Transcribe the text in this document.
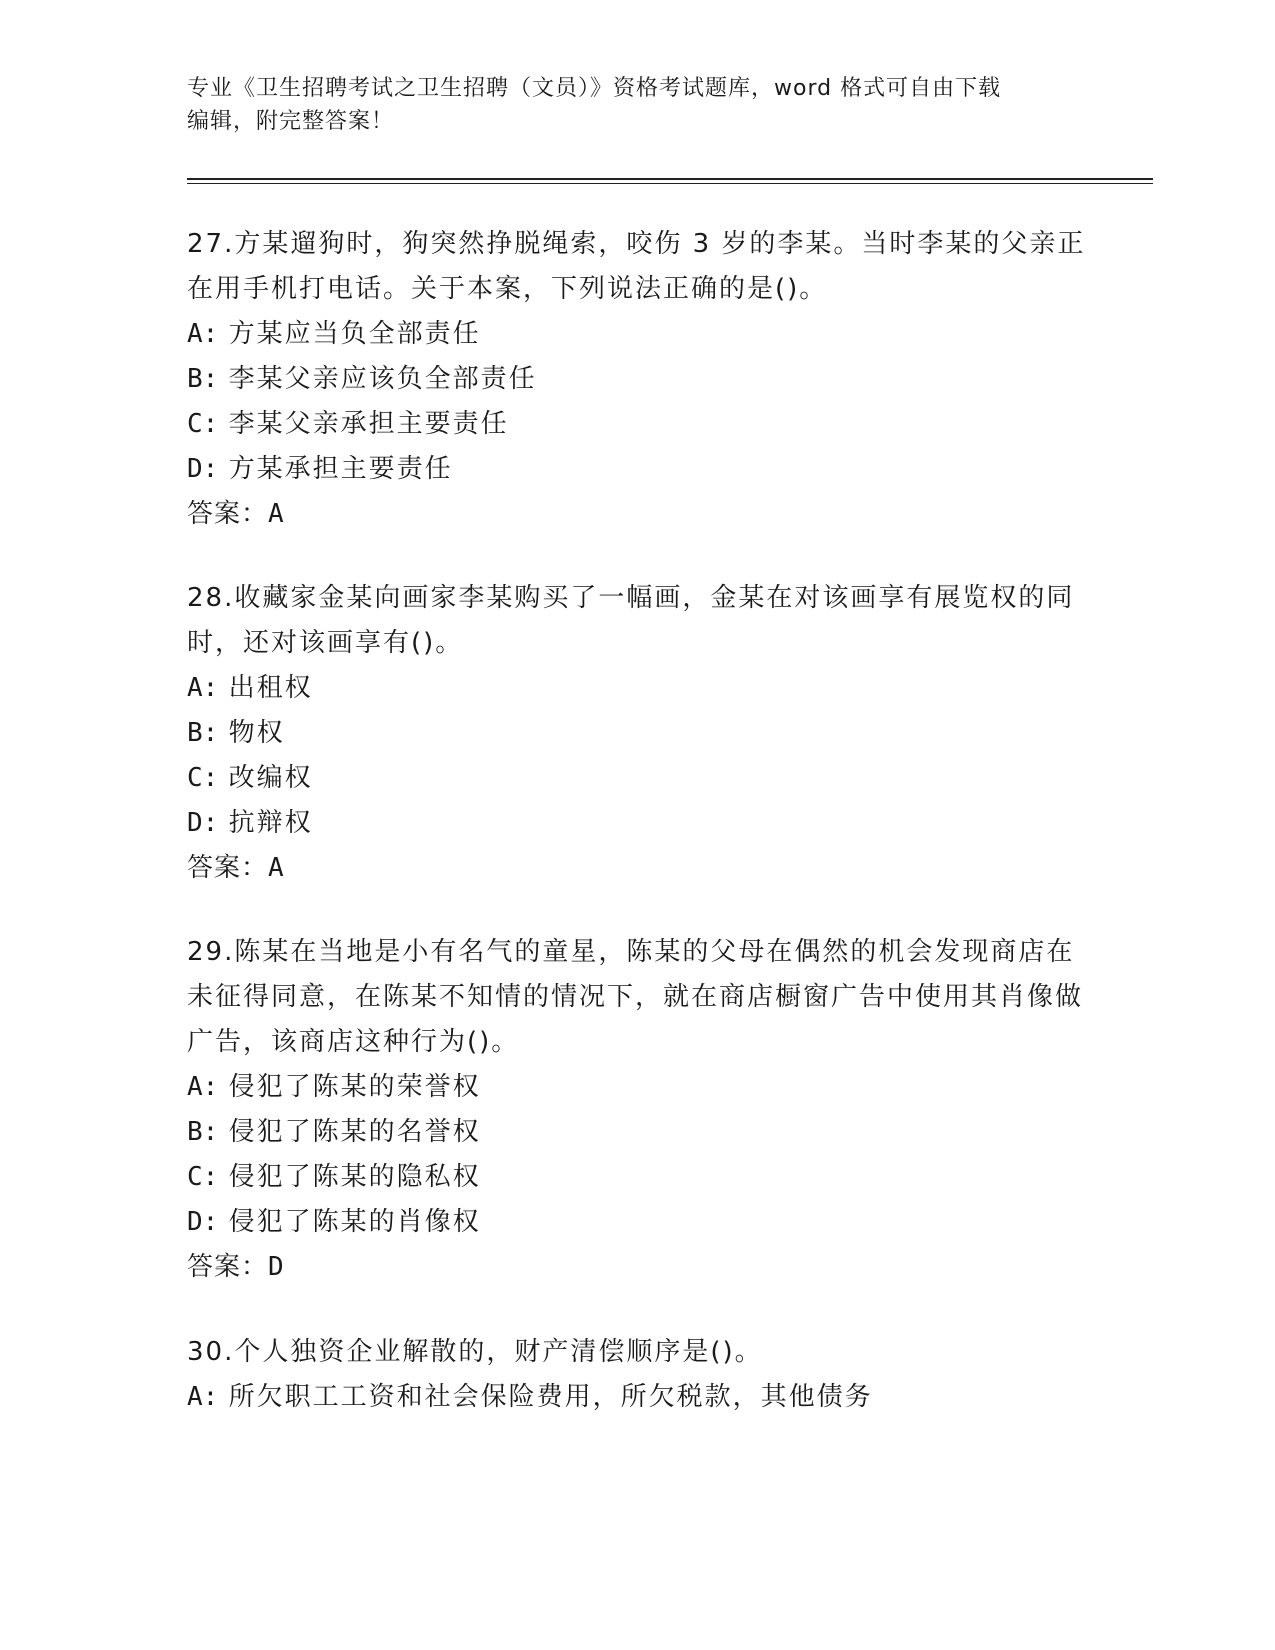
专业《卫生招聘考试之卫生招聘（文员）》资格考试题库，word 格式可自由下载
编辑，附完整答案！

27.方某遛狗时，狗突然挣脱绳索，咬伤 3 岁的李某。当时李某的父亲正在用手机打电话。关于本案，下列说法正确的是()。

A: 方某应当负全部责任
B: 李某父亲应该负全部责任
C: 李某父亲承担主要责任
D: 方某承担主要责任
答案：A

28.收藏家金某向画家李某购买了一幅画，金某在对该画享有展览权的同时，还对该画享有()。

A: 出租权
B: 物权
C: 改编权
D: 抗辩权
答案：A

29.陈某在当地是小有名气的童星，陈某的父母在偶然的机会发现商店在未征得同意，在陈某不知情的情况下，就在商店橱窗广告中使用其肖像做广告，该商店这种行为()。

A: 侵犯了陈某的荣誉权
B: 侵犯了陈某的名誉权
C: 侵犯了陈某的隐私权
D: 侵犯了陈某的肖像权
答案：D

30.个人独资企业解散的，财产清偿顺序是()。

A: 所欠职工工资和社会保险费用，所欠税款，其他债务
